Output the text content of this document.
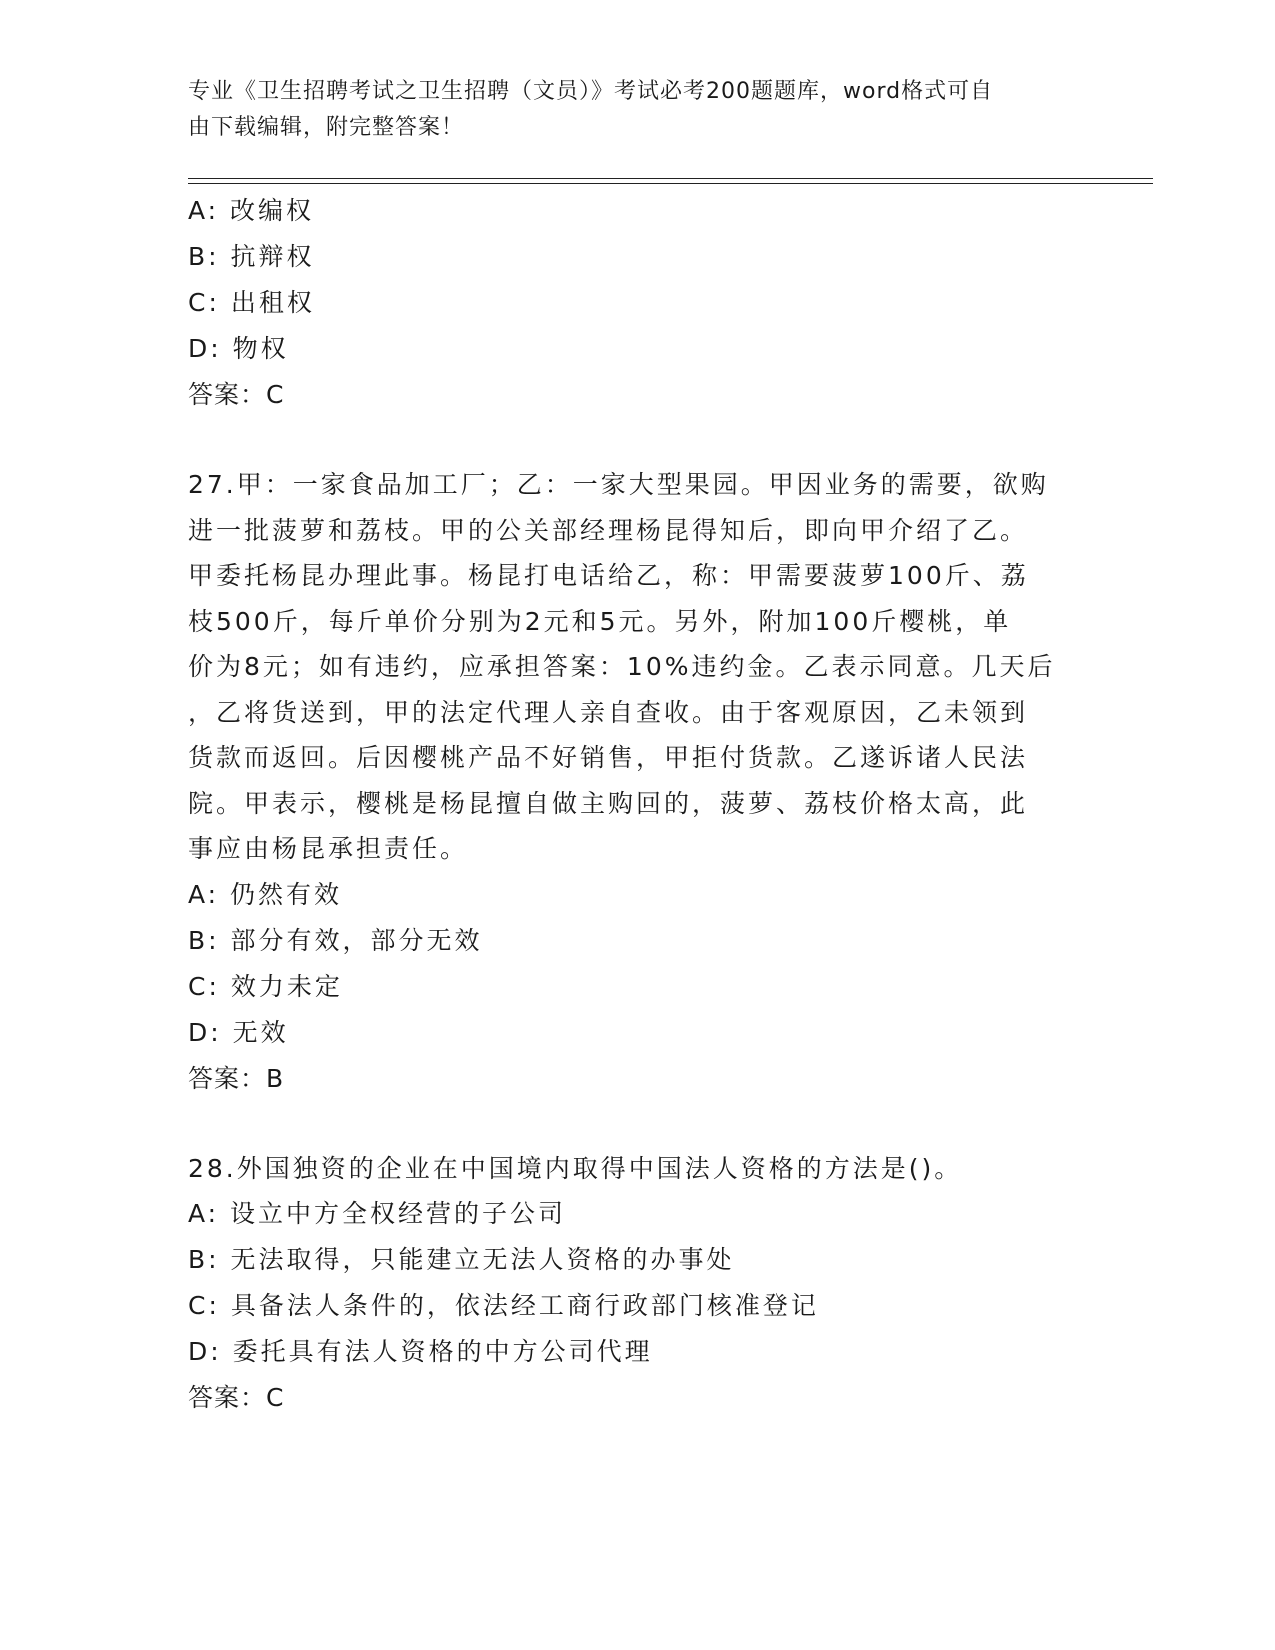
专业《卫生招聘考试之卫生招聘（文员）》考试必考200题题库，word格式可自
由下载编辑，附完整答案！
A: 改编权
B: 抗辩权
C: 出租权
D: 物权
答案：C
27.甲：一家食品加工厂；乙：一家大型果园。甲因业务的需要，欲购
进一批菠萝和荔枝。甲的公关部经理杨昆得知后，即向甲介绍了乙。
甲委托杨昆办理此事。杨昆打电话给乙，称：甲需要菠萝100斤、荔
枝500斤，每斤单价分别为2元和5元。另外，附加100斤樱桃，单
价为8元；如有违约，应承担答案：10%违约金。乙表示同意。几天后
，乙将货送到，甲的法定代理人亲自查收。由于客观原因，乙未领到
货款而返回。后因樱桃产品不好销售，甲拒付货款。乙遂诉诸人民法
院。甲表示，樱桃是杨昆擅自做主购回的，菠萝、荔枝价格太高，此
事应由杨昆承担责任。
A: 仍然有效
B: 部分有效，部分无效
C: 效力未定
D: 无效
答案：B
28.外国独资的企业在中国境内取得中国法人资格的方法是()。
A: 设立中方全权经营的子公司
B: 无法取得，只能建立无法人资格的办事处
C: 具备法人条件的，依法经工商行政部门核准登记
D: 委托具有法人资格的中方公司代理
答案：C
